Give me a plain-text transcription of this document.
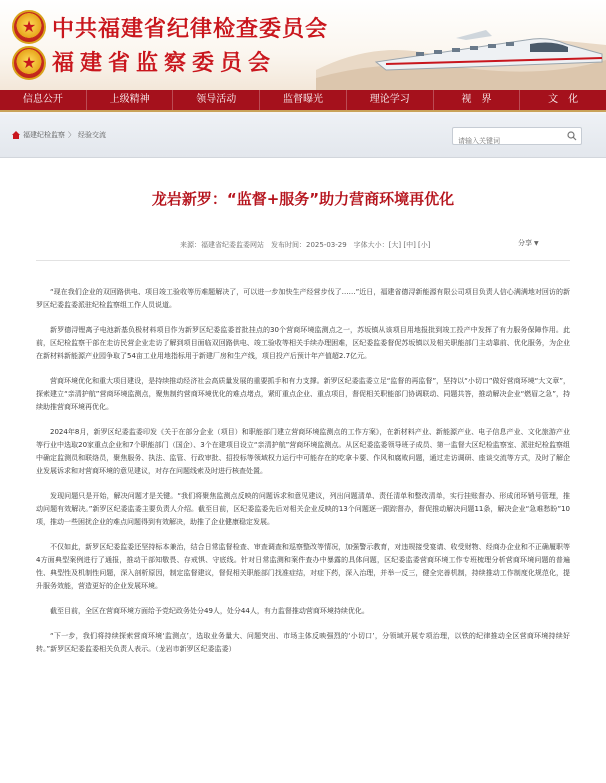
★ 中共福建省纪律检查委员会
★ 福建省监察委员会
信息公开	上级精神	领导活动	监督曝光	理论学习	视　界	文　化
福建纪检监察 〉 经验交流
请输入关键词
龙岩新罗：“监督+服务”助力营商环境再优化
来源：福建省纪委监委网站　发布时间：2025-03-29　字体大小：[大] [中] [小]	分享 ▼

“现在我们企业的双回路供电、项目竣工验收等历难题解决了，可以进一步加快生产经营步伐了……”近日，福建省德浔新能源有限公司项目负责人信心满满地对回访的新罗区纪委监委派驻纪检监察组工作人员说道。

新罗德浔锂离子电池新基负极材料项目作为新罗区纪委监委首批挂点的30个营商环境监测点之一，苏坂镇从该项目用地报批到竣工投产中发挥了有力服务保障作用。此前，区纪检监察干部在走访民营企业走访了解到项目面临双回路供电、竣工验收等相关手续办理困难，区纪委监委督促苏坂镇以及相关职能部门主动靠前、优化服务，为企业在新材料新能源产业园争取了54亩工业用地指标用于新建厂房和生产线，项目投产后预计年产值超2.7亿元。

营商环境优化和重大项目建设，是持续推动经济社会高质量发展的重要抓手和有力支撑。新罗区纪委监委立足“监督的再监督”，坚持以“小切口”做好营商环境“大文章”，探索建立“亲清护航”营商环境监测点，聚焦制约营商环境优化的难点堵点，紧盯重点企业、重点项目，督促相关职能部门协调联动、同题共答，推动解决企业“燃眉之急”，持续助推营商环境再优化。

2024年8月，新罗区纪委监委印发《关于在部分企业（项目）和职能部门建立营商环境监测点的工作方案》，在新材料产业、新能源产业、电子信息产业、文化旅游产业等行业中选取20家重点企业和7个职能部门（国企）、3个在建项目设立“亲清护航”营商环境监测点。从区纪委监委领导班子成员、第一监督大区纪检监察室、派驻纪检监察组中确定监测员和联络员，聚焦服务、执法、监管、行政审批、招投标等领域权力运行中可能存在的吃拿卡要、作风和腐败问题，通过走访调研、座谈交流等方式，及时了解企业发展诉求和对营商环境的意见建议，对存在问题线索及时进行核查处置。

发现问题只是开始，解决问题才是关键。“我们将聚焦监测点反映的问题诉求和意见建议，列出问题清单、责任清单和整改清单，实行挂账督办、形成闭环销号管理，推动问题有效解决。”新罗区纪委监委主要负责人介绍。截至目前，区纪委监委先后对相关企业反映的13个问题逐一跟踪督办，督促推动解决问题11条，解决企业“急难愁盼”10项，推动一些困扰企业的难点问题得到有效解决，助推了企业健康稳定发展。

不仅如此，新罗区纪委监委还坚持标本兼治，结合日常监督检查、审查调查和巡察整改等情况，加强警示教育，对违规接受宴请、收受财物、经商办企业和不正确履职等4方面典型案例进行了通报，推动干部知敬畏、存戒惧、守底线。针对日常监测和案件查办中暴露的具体问题，区纪委监委营商环境工作专班梳理分析营商环境问题的普遍性、典型性及机制性问题，深入剖析原因，制定监督建议，督促相关职能部门找准症结，对症下药，深入治理，并举一反三，健全完善机制，持续推动工作制度化规范化，提升服务效能，营造更好的企业发展环境。

截至目前，全区在营商环境方面给予党纪政务处分49人，处分44人，有力监督推动营商环境持续优化。

“下一步，我们将持续探索营商环境‘监测点’，选取业务量大、问题突出、市场主体反映强烈的‘小切口’，分领域开展专项治理，以铁的纪律推动全区营商环境持续好转。”新罗区纪委监委相关负责人表示。（龙岩市新罗区纪委监委）
